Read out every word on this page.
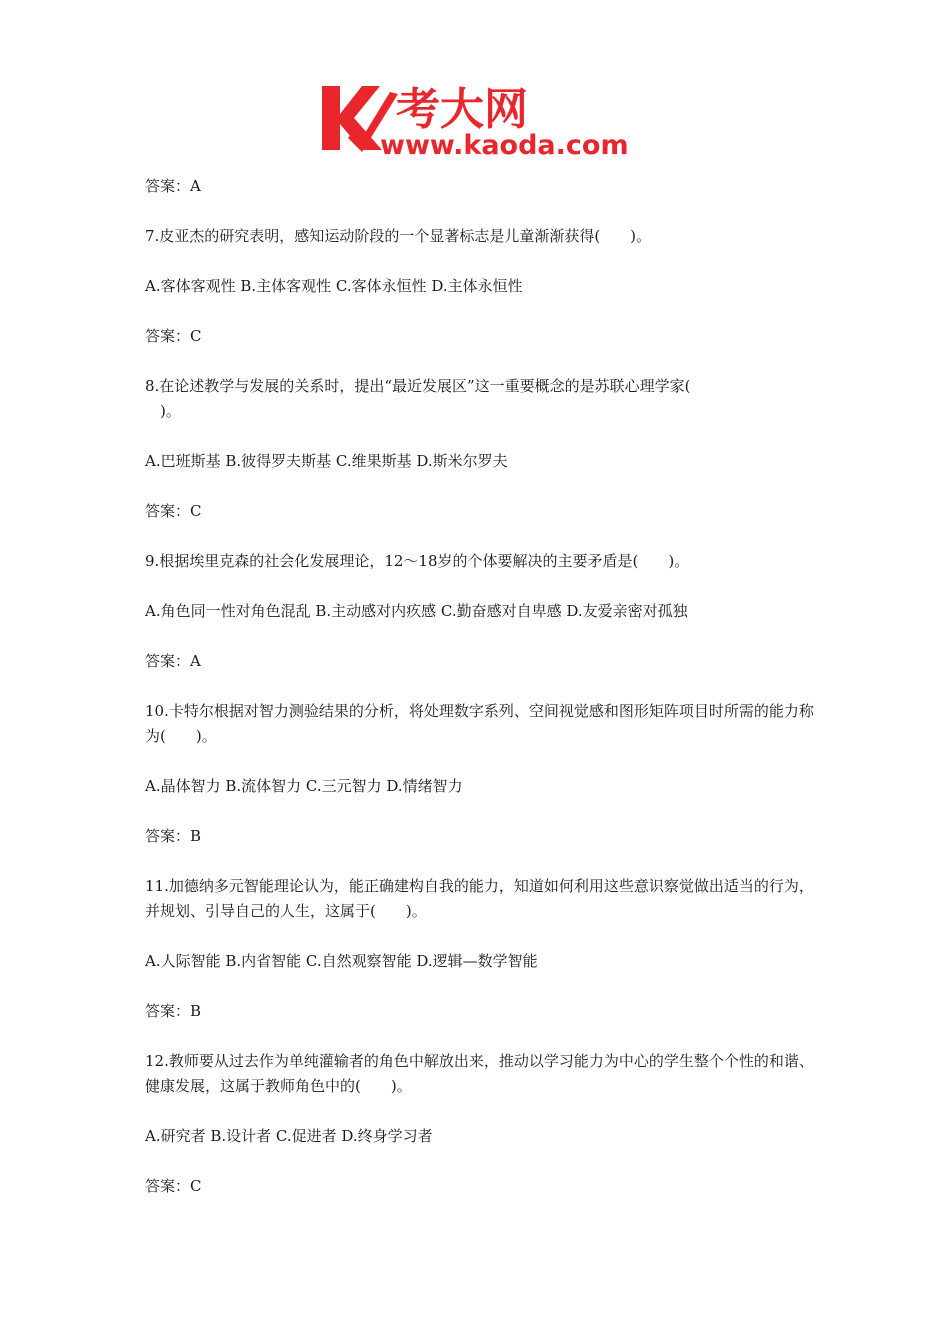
考大网
www.kaoda.com

答案：A

7.皮亚杰的研究表明，感知运动阶段的一个显著标志是儿童渐渐获得(　　)。

A.客体客观性 B.主体客观性 C.客体永恒性 D.主体永恒性

答案：C

8.在论述教学与发展的关系时，提出“最近发展区”这一重要概念的是苏联心理学家(
　)。

A.巴班斯基 B.彼得罗夫斯基 C.维果斯基 D.斯米尔罗夫

答案：C

9.根据埃里克森的社会化发展理论，12～18岁的个体要解决的主要矛盾是(　　)。

A.角色同一性对角色混乱 B.主动感对内疚感 C.勤奋感对自卑感 D.友爱亲密对孤独

答案：A

10.卡特尔根据对智力测验结果的分析，将处理数字系列、空间视觉感和图形矩阵项目时所需的能力称为(　　)。

A.晶体智力 B.流体智力 C.三元智力 D.情绪智力

答案：B

11.加德纳多元智能理论认为，能正确建构自我的能力，知道如何利用这些意识察觉做出适当的行为，并规划、引导自己的人生，这属于(　　)。

A.人际智能 B.内省智能 C.自然观察智能 D.逻辑—数学智能

答案：B

12.教师要从过去作为单纯灌输者的角色中解放出来，推动以学习能力为中心的学生整个个性的和谐、健康发展，这属于教师角色中的(　　)。

A.研究者 B.设计者 C.促进者 D.终身学习者

答案：C
